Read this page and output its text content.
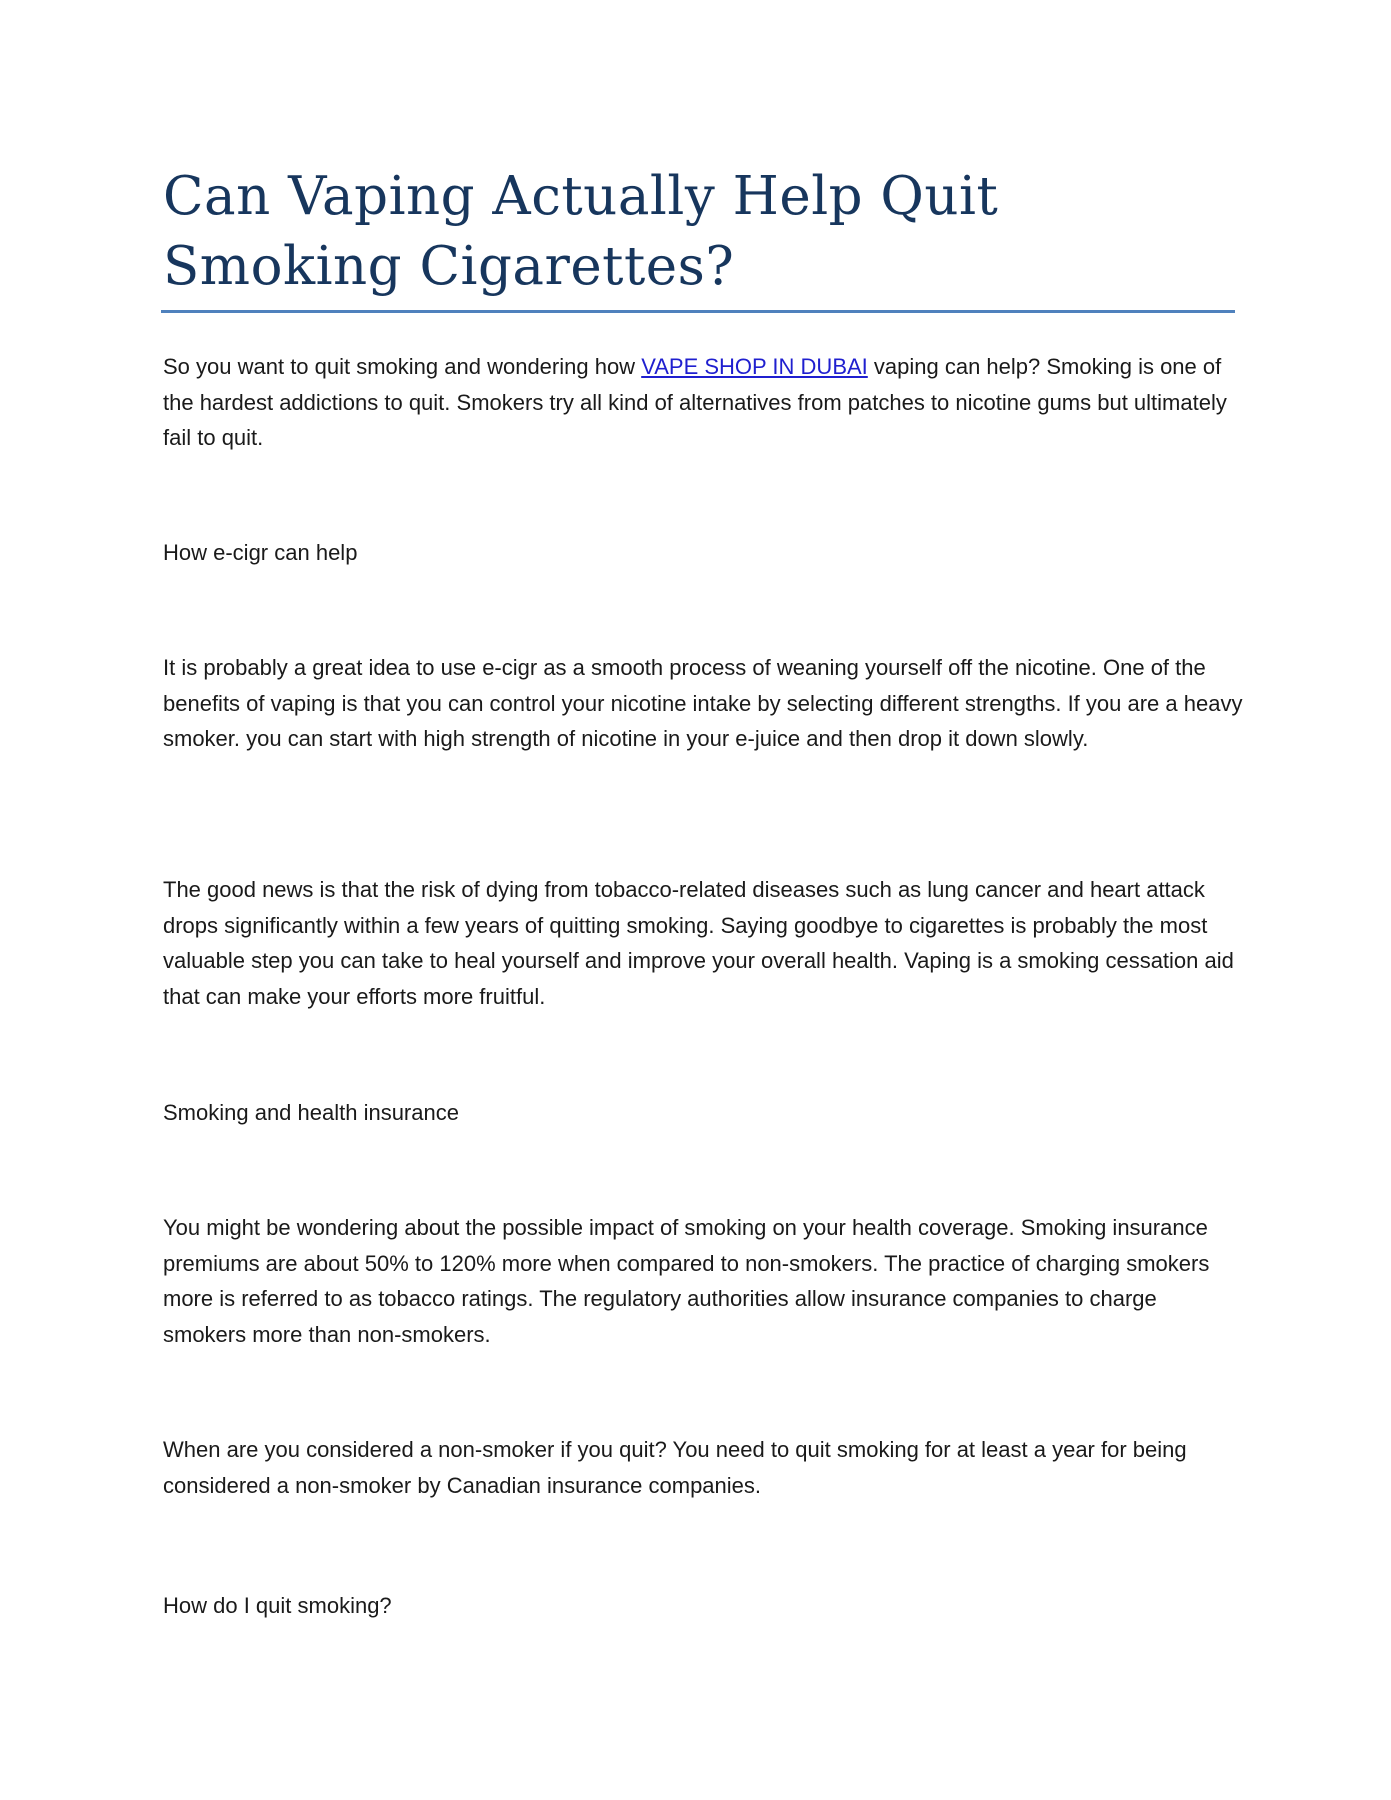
Can Vaping Actually Help Quit Smoking Cigarettes?

So you want to quit smoking and wondering how VAPE SHOP IN DUBAI vaping can help? Smoking is one of the hardest addictions to quit. Smokers try all kind of alternatives from patches to nicotine gums but ultimately fail to quit.

How e-cigr can help

It is probably a great idea to use e-cigr as a smooth process of weaning yourself off the nicotine. One of the benefits of vaping is that you can control your nicotine intake by selecting different strengths. If you are a heavy smoker. you can start with high strength of nicotine in your e-juice and then drop it down slowly.

The good news is that the risk of dying from tobacco-related diseases such as lung cancer and heart attack drops significantly within a few years of quitting smoking. Saying goodbye to cigarettes is probably the most valuable step you can take to heal yourself and improve your overall health. Vaping is a smoking cessation aid that can make your efforts more fruitful.

Smoking and health insurance

You might be wondering about the possible impact of smoking on your health coverage. Smoking insurance premiums are about 50% to 120% more when compared to non-smokers. The practice of charging smokers more is referred to as tobacco ratings. The regulatory authorities allow insurance companies to charge smokers more than non-smokers.

When are you considered a non-smoker if you quit? You need to quit smoking for at least a year for being considered a non-smoker by Canadian insurance companies.

How do I quit smoking?
